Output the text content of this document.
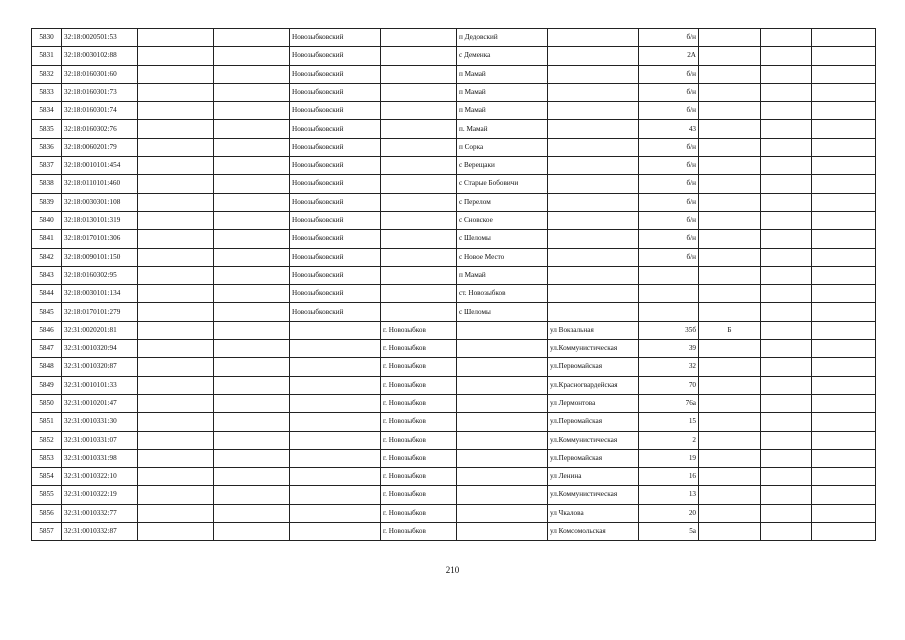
5830	32:18:0020501:53			Новозыбковский		п Дедовский		б/н			
5831	32:18:0030102:88			Новозыбковский		с Деменка		2А			
5832	32:18:0160301:60			Новозыбковский		п Мамай		б/н			
5833	32:18:0160301:73			Новозыбковский		п Мамай		б/н			
5834	32:18:0160301:74			Новозыбковский		п Мамай		б/н			
5835	32:18:0160302:76			Новозыбковский		п. Мамай		43			
5836	32:18:0060201:79			Новозыбковский		п Сорка		б/н			
5837	32:18:0010101:454			Новозыбковский		с Верещаки		б/н			
5838	32:18:0110101:460			Новозыбковский		с Старые Бобовичи		б/н			
5839	32:18:0030301:108			Новозыбковский		с Перелом		б/н			
5840	32:18:0130101:319			Новозыбковский		с Сновское		б/н			
5841	32:18:0170101:306			Новозыбковский		с Шеломы		б/н			
5842	32:18:0090101:150			Новозыбковский		с Новое Место		б/н			
5843	32:18:0160302:95			Новозыбковский		п Мамай					
5844	32:18:0030101:134			Новозыбковский		ст. Новозыбков					
5845	32:18:0170101:279			Новозыбковский		с Шеломы					
5846	32:31:0020201:81				г. Новозыбков		ул Вокзальная	35б	Б		
5847	32:31:0010320:94				г. Новозыбков		ул.Коммунистическая	39			
5848	32:31:0010320:87				г. Новозыбков		ул.Первомайская	32			
5849	32:31:0010101:33				г. Новозыбков		ул.Красногвардейская	70			
5850	32:31:0010201:47				г. Новозыбков		ул Лермонтова	76а			
5851	32:31:0010331:30				г. Новозыбков		ул.Первомайская	15			
5852	32:31:0010331:07				г. Новозыбков		ул.Коммунистическая	2			
5853	32:31:0010331:98				г. Новозыбков		ул.Первомайская	19			
5854	32:31:0010322:10				г. Новозыбков		ул Ленина	16			
5855	32:31:0010322:19				г. Новозыбков		ул.Коммунистическая	13			
5856	32:31:0010332:77				г. Новозыбков		ул Чкалова	20			
5857	32:31:0010332:87				г. Новозыбков		ул Комсомольская	5а			
210
